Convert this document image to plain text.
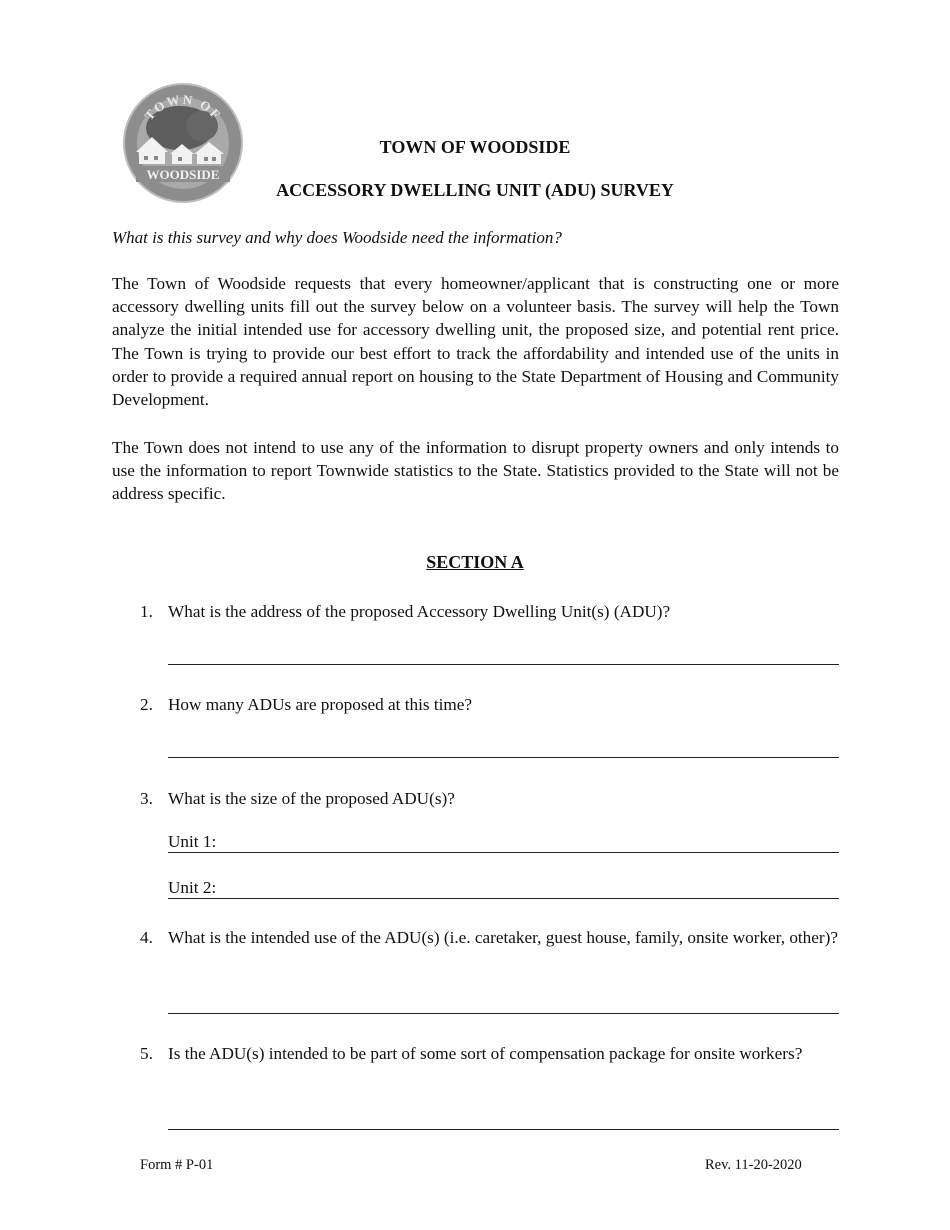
WOODSIDE
TOWN OF
TOWN OF WOODSIDE
ACCESSORY DWELLING UNIT (ADU) SURVEY
What is this survey and why does Woodside need the information?
The Town of Woodside requests that every homeowner/applicant that is constructing one or more accessory dwelling units fill out the survey below on a volunteer basis. The survey will help the Town analyze the initial intended use for accessory dwelling unit, the proposed size, and potential rent price. The Town is trying to provide our best effort to track the affordability and intended use of the units in order to provide a required annual report on housing to the State Department of Housing and Community Development.
The Town does not intend to use any of the information to disrupt property owners and only intends to use the information to report Townwide statistics to the State. Statistics provided to the State will not be address specific.
SECTION A
1. What is the address of the proposed Accessory Dwelling Unit(s) (ADU)?
2. How many ADUs are proposed at this time?
3. What is the size of the proposed ADU(s)?
Unit 1:
Unit 2:
4. What is the intended use of the ADU(s) (i.e. caretaker, guest house, family, onsite worker, other)?
5. Is the ADU(s) intended to be part of some sort of compensation package for onsite workers?
Form # P-01	Rev. 11-20-2020
